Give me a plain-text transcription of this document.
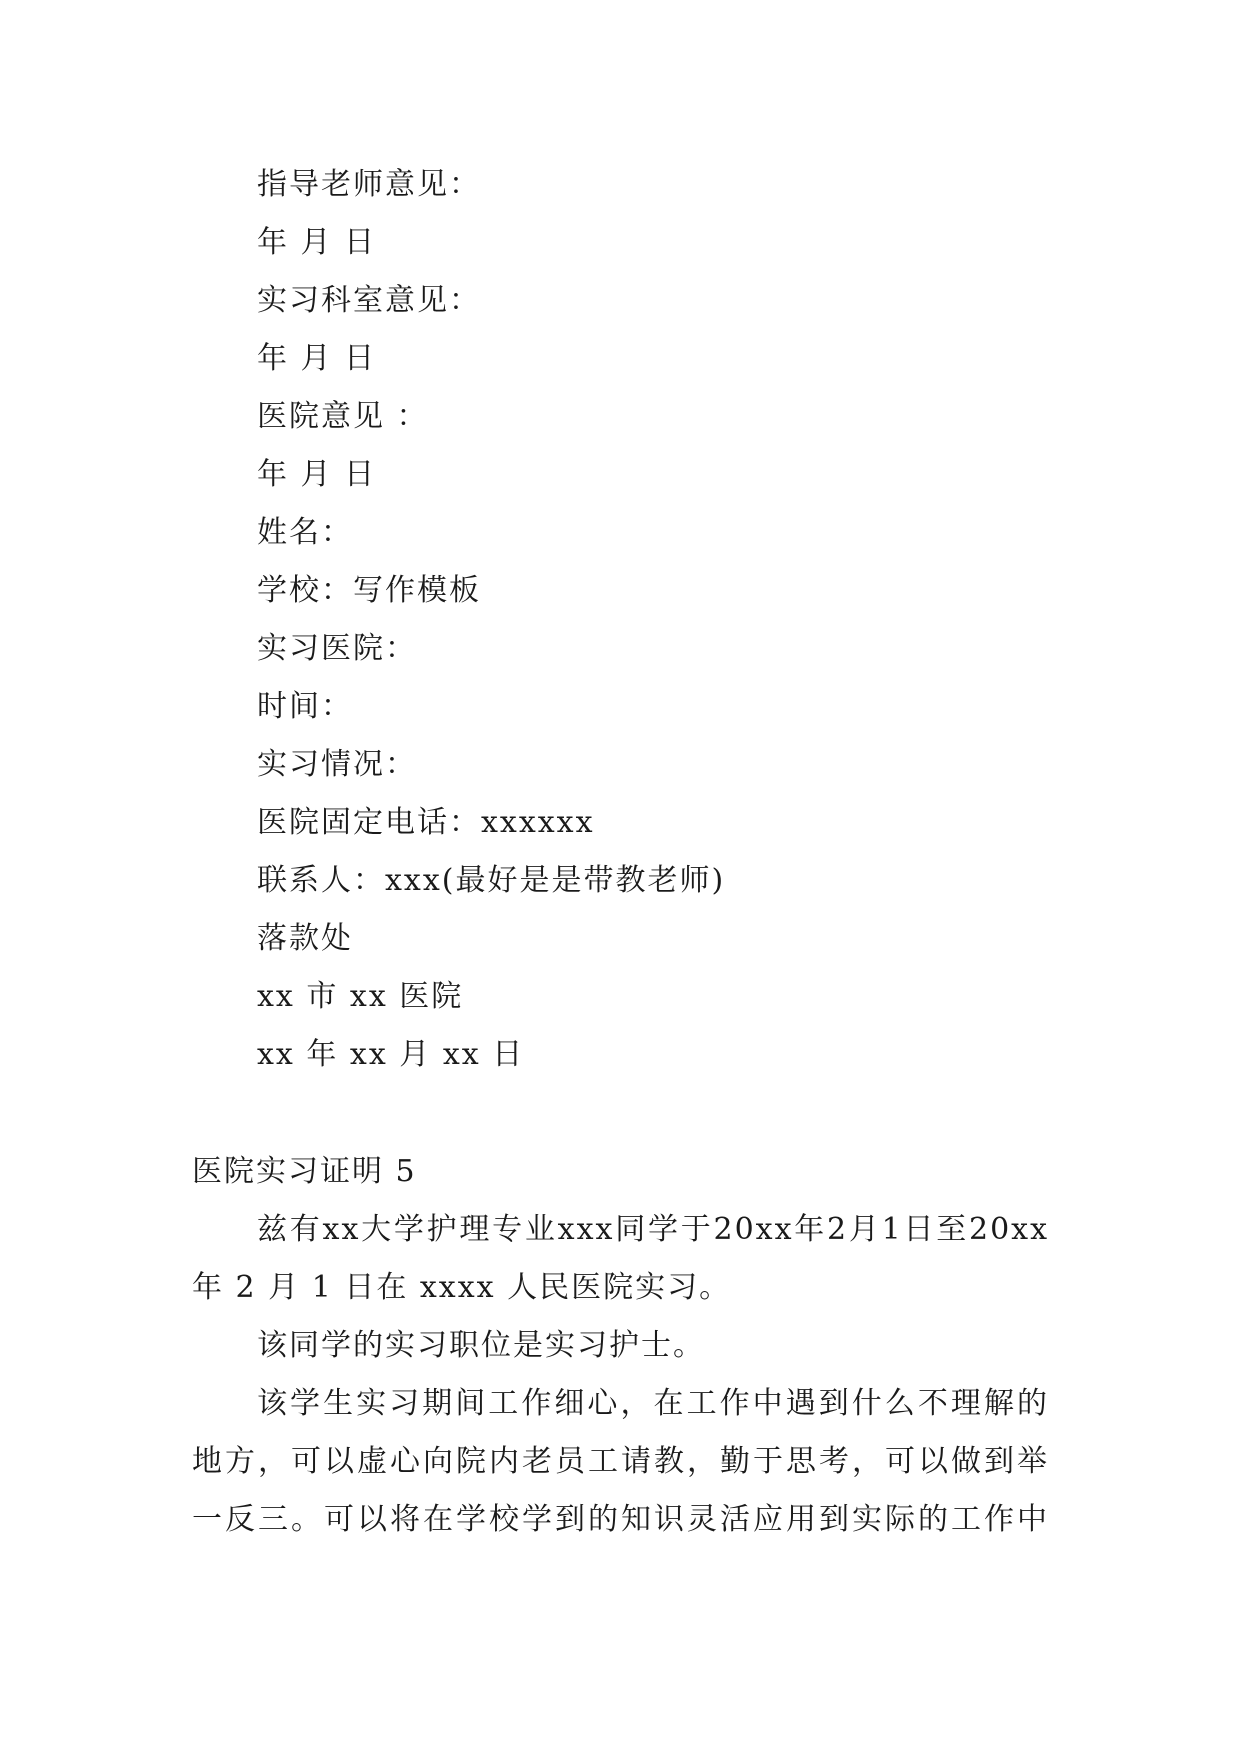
指导老师意见：
年 月 日
实习科室意见：
年 月 日
医院意见 ：
年 月 日
姓名：
学校：写作模板
实习医院：
时间：
实习情况：
医院固定电话：xxxxxx
联系人：xxx(最好是是带教老师)
落款处
xx 市 xx 医院
xx 年 xx 月 xx 日
医院实习证明 5
兹有xx大学护理专业xxx同学于20xx年2月1日至20xx
年 2 月 1 日在 xxxx 人民医院实习。
该同学的实习职位是实习护士。
该学生实习期间工作细心，在工作中遇到什么不理解的
地方，可以虚心向院内老员工请教，勤于思考，可以做到举
一反三。可以将在学校学到的知识灵活应用到实际的工作中
